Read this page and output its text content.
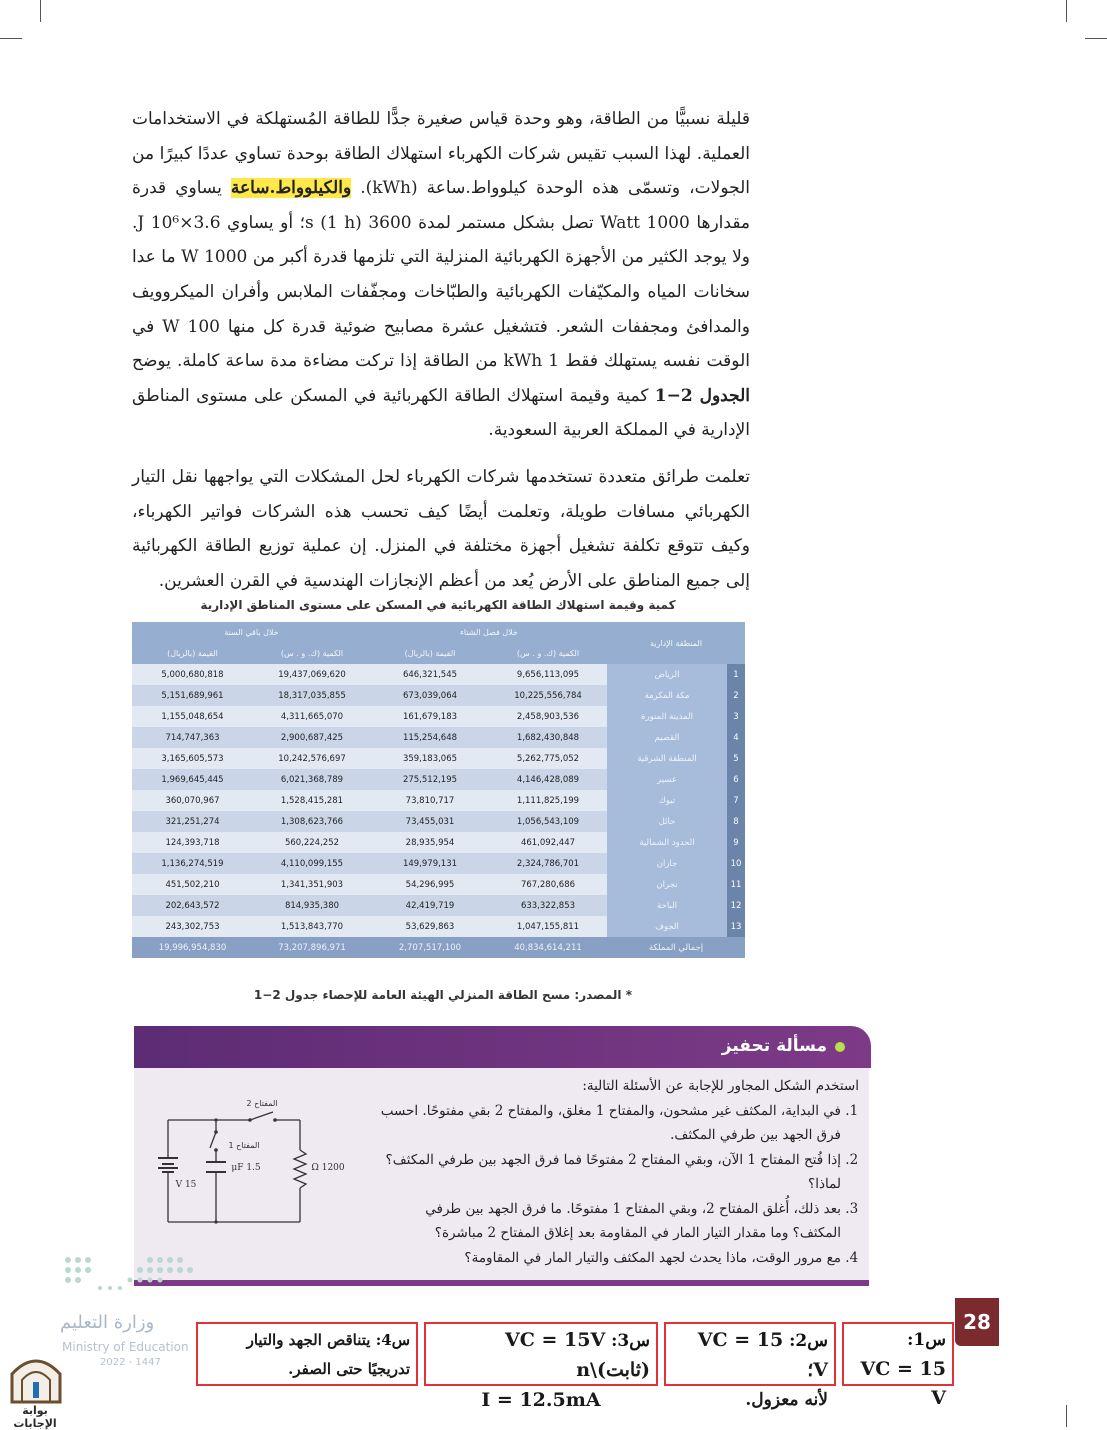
قليلة نسبيًّا من الطاقة، وهو وحدة قياس صغيرة جدًّا للطاقة المُستهلكة في الاستخدامات العملية. لهذا السبب تقيس شركات الكهرباء استهلاك الطاقة بوحدة تساوي عددًا كبيرًا من الجولات، وتسمّى هذه الوحدة كيلوواط.ساعة (kWh). والكيلوواط.ساعة يساوي قدرة مقدارها 1000 Watt تصل بشكل مستمر لمدة 3600 s (1 h)؛ أو يساوي 3.6×10⁶ J. ولا يوجد الكثير من الأجهزة الكهربائية المنزلية التي تلزمها قدرة أكبر من 1000 W ما عدا سخانات المياه والمكيّفات الكهربائية والطبّاخات ومجفّفات الملابس وأفران الميكروويف والمدافئ ومجففات الشعر. فتشغيل عشرة مصابيح ضوئية قدرة كل منها 100 W في الوقت نفسه يستهلك فقط 1 kWh من الطاقة إذا تركت مضاءة مدة ساعة كاملة. يوضح الجدول 2−1 كمية وقيمة استهلاك الطاقة الكهربائية في المسكن على مستوى المناطق الإدارية في المملكة العربية السعودية.

تعلمت طرائق متعددة تستخدمها شركات الكهرباء لحل المشكلات التي يواجهها نقل التيار الكهربائي مسافات طويلة، وتعلمت أيضًا كيف تحسب هذه الشركات فواتير الكهرباء، وكيف تتوقع تكلفة تشغيل أجهزة مختلفة في المنزل. إن عملية توزيع الطاقة الكهربائية إلى جميع المناطق على الأرض يُعد من أعظم الإنجازات الهندسية في القرن العشرين.

كمية وقيمة استهلاك الطاقة الكهربائية في المسكن على مستوى المناطق الإدارية
المنطقة الإدارية		خلال فصل الشتاء		خلال باقي السنة	
		الكمية (ك. و . س)	القيمة (بالريال)	الكمية (ك. و . س)	القيمة (بالريال)
1	الرياض	9,656,113,095	646,321,545	19,437,069,620	5,000,680,818
2	مكة المكرمة	10,225,556,784	673,039,064	18,317,035,855	5,151,689,961
3	المدينة المنورة	2,458,903,536	161,679,183	4,311,665,070	1,155,048,654
4	القصيم	1,682,430,848	115,254,648	2,900,687,425	714,747,363
5	المنطقة الشرقية	5,262,775,052	359,183,065	10,242,576,697	3,165,605,573
6	عسير	4,146,428,089	275,512,195	6,021,368,789	1,969,645,445
7	تبوك	1,111,825,199	73,810,717	1,528,415,281	360,070,967
8	حائل	1,056,543,109	73,455,031	1,308,623,766	321,251,274
9	الحدود الشمالية	461,092,447	28,935,954	560,224,252	124,393,718
10	جازان	2,324,786,701	149,979,131	4,110,099,155	1,136,274,519
11	نجران	767,280,686	54,296,995	1,341,351,903	451,502,210
12	الباحة	633,322,853	42,419,719	814,935,380	202,643,572
13	الجوف	1,047,155,811	53,629,863	1,513,843,770	243,302,753
إجمالي المملكة		40,834,614,211	2,707,517,100	73,207,896,971	19,996,954,830
* المصدر: مسح الطاقة المنزلي الهيئة العامة للإحصاء جدول 2−1
مسألة تحفيز
استخدم الشكل المجاور للإجابة عن الأسئلة التالية:
1. في البداية، المكثف غير مشحون، والمفتاح 1 مغلق، والمفتاح 2 بقي مفتوحًا. احسب فرق الجهد بين طرفي المكثف.
2. إذا فُتح المفتاح 1 الآن، وبقي المفتاح 2 مفتوحًا فما فرق الجهد بين طرفي المكثف؟ لماذا؟
3. بعد ذلك، أُغلق المفتاح 2، وبقي المفتاح 1 مفتوحًا. ما فرق الجهد بين طرفي المكثف؟ وما مقدار التيار المار في المقاومة بعد إغلاق المفتاح 2 مباشرة؟
4. مع مرور الوقت، ماذا يحدث لجهد المكثف والتيار المار في المقاومة؟
المفتاح 2
المفتاح 1
1.5 μF	1200 Ω
15 V
وزارة التعليم
Ministry of Education
2022 - 1447
بوابة الإجابات
28
س1:
VC = 15 V
س2: VC = 15 V؛
لأنه معزول.
س3: VC = 15V (ثابت)\n
I = 12.5mA
س4: يتناقص الجهد والتيار
تدريجيًا حتى الصفر.
